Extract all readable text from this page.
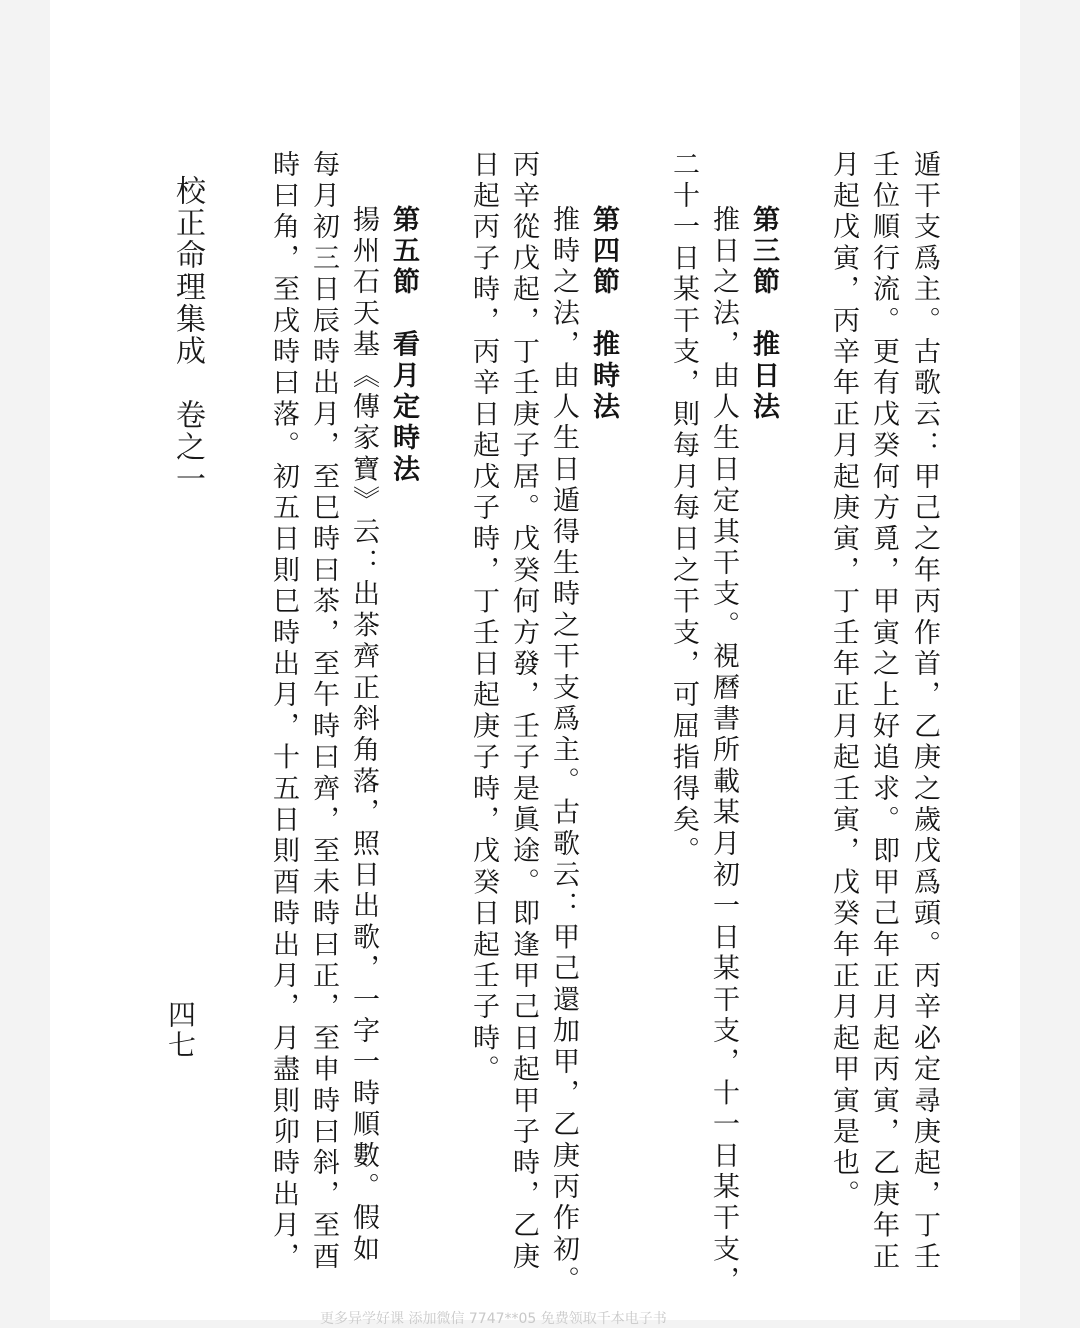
遁干支爲主。古歌云：甲己之年丙作首，乙庚之歲戊爲頭。丙辛必定尋庚起，丁壬
壬位順行流。更有戊癸何方覓，甲寅之上好追求。即甲己年正月起丙寅，乙庚年正
月起戊寅，丙辛年正月起庚寅，丁壬年正月起壬寅，戊癸年正月起甲寅是也。
第三節　推日法
推日之法，由人生日定其干支。視曆書所載某月初一日某干支，十一日某干支，
二十一日某干支，則每月每日之干支，可屈指得矣。
第四節　推時法
推時之法，由人生日遁得生時之干支爲主。古歌云：甲己還加甲，乙庚丙作初。
丙辛從戊起，丁壬庚子居。戊癸何方發，壬子是眞途。即逢甲己日起甲子時，乙庚
日起丙子時，丙辛日起戊子時，丁壬日起庚子時，戊癸日起壬子時。
第五節　看月定時法
揚州石天基《傳家寶》云：出茶齊正斜角落，照日出歌，一字一時順數。假如
每月初三日辰時出月，至巳時曰茶，至午時曰齊，至未時曰正，至申時曰斜，至酉
時曰角，至戌時曰落。初五日則巳時出月，十五日則酉時出月，月盡則卯時出月，
校正命理集成　卷之一
四七
更多异学好课 添加微信 7747**05 免费领取千本电子书
